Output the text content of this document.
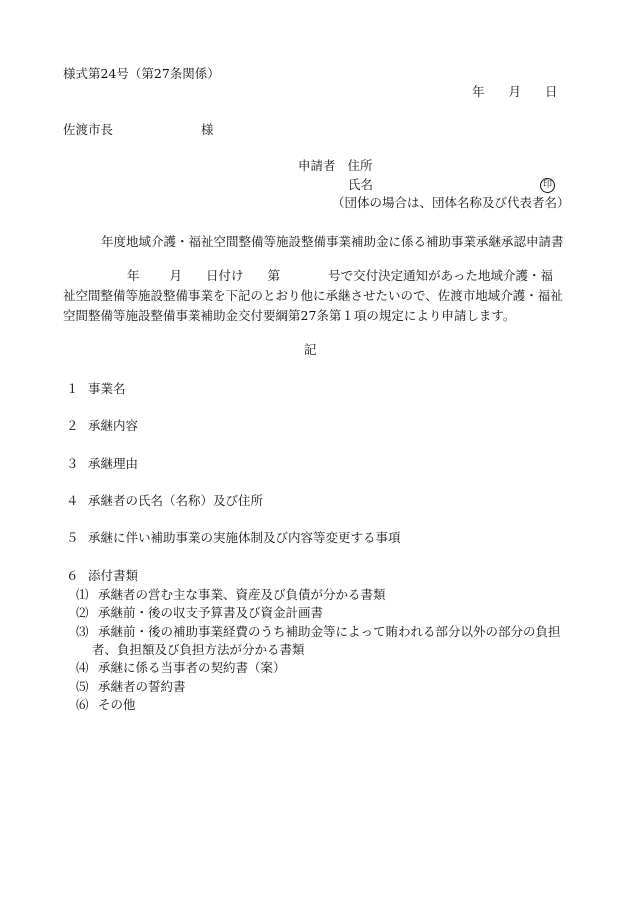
様式第24号（第27条関係）

年 月 日

佐渡市長	様

申請者 住所

氏名	印

（団体の場合は、団体名称及び代表者名）

年度地域介護・福祉空間整備等施設整備事業補助金に係る補助事業承継承認申請書

年 月 日付け 第	号で交付決定通知があった地域介護・福
祉空間整備等施設整備事業を下記のとおり他に承継させたいので、佐渡市地域介護・福祉
空間整備等施設整備事業補助金交付要綱第27条第１項の規定により申請します。

記

１ 事業名

２ 承継内容

３ 承継理由

４ 承継者の氏名（名称）及び住所

５ 承継に伴い補助事業の実施体制及び内容等変更する事項

６ 添付書類

⑴ 承継者の営む主な事業、資産及び負債が分かる書類

⑵ 承継前・後の収支予算書及び資金計画書

⑶ 承継前・後の補助事業経費のうち補助金等によって賄われる部分以外の部分の負担

者、負担額及び負担方法が分かる書類

⑷ 承継に係る当事者の契約書（案）

⑸ 承継者の誓約書

⑹ その他
